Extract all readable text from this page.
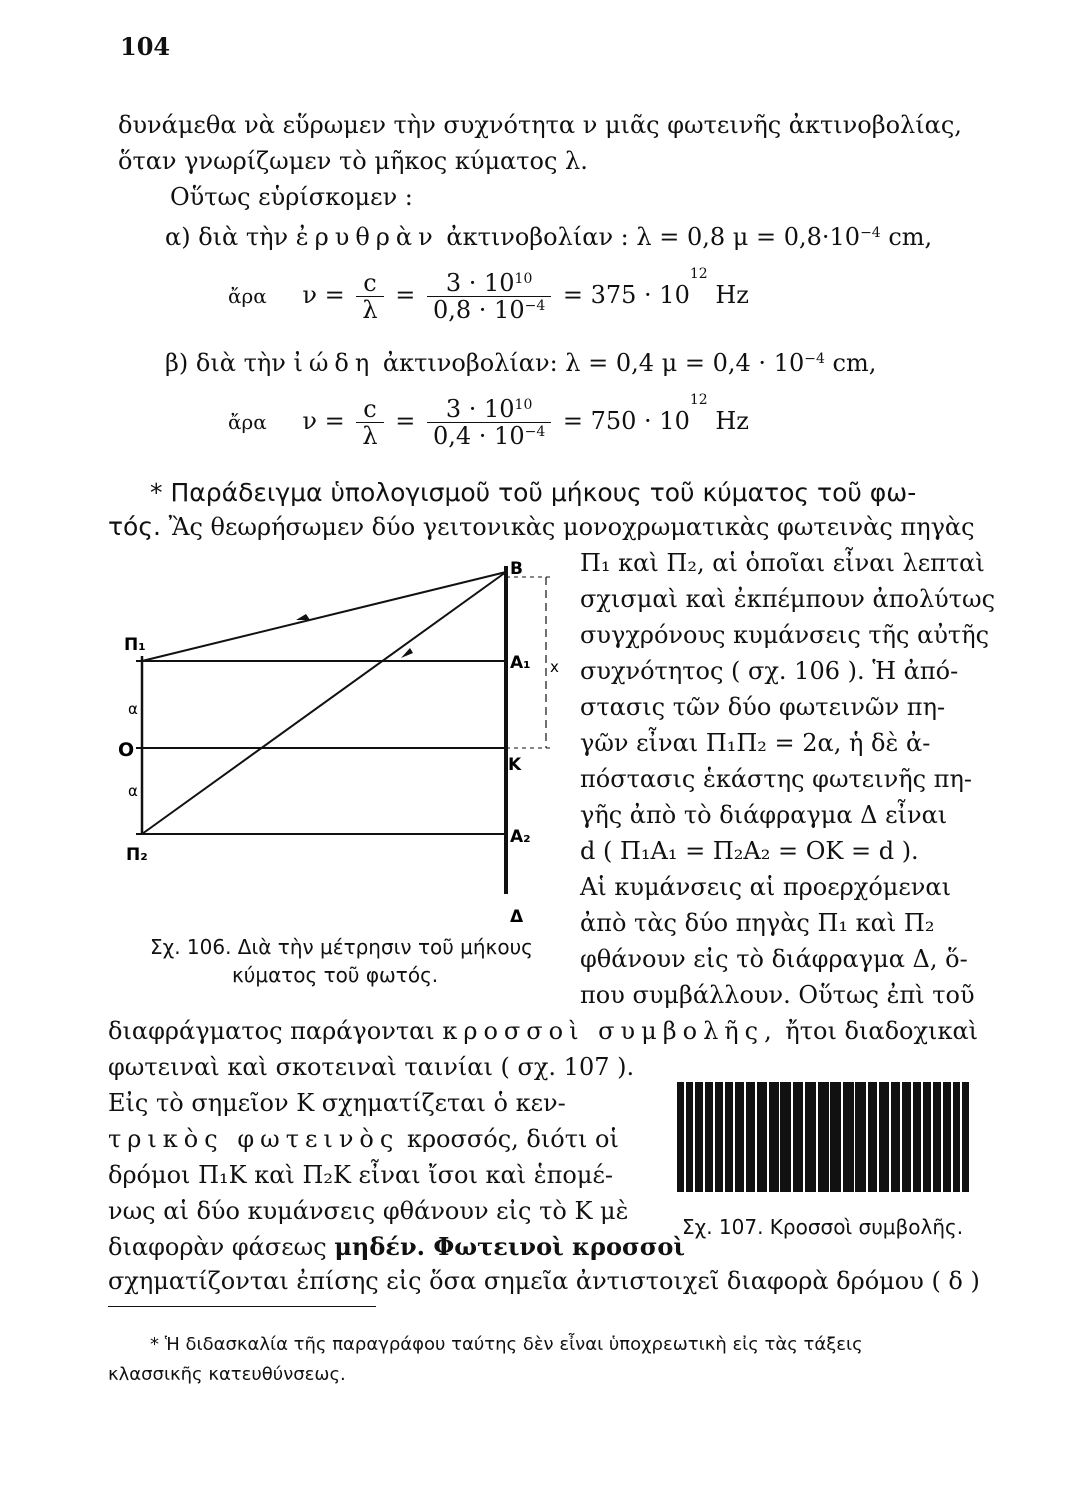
104
δυνάμεθα νὰ εὕρωμεν τὴν συχνότητα ν μιᾶς φωτεινῆς ἀκτινοβολίας,
ὅταν γνωρίζωμεν τὸ μῆκος κύματος λ.
Οὕτως εὑρίσκομεν :
α) διὰ τὴν ἐρυθρὰν ἀκτινοβολίαν : λ = 0,8 $\mu = 0,8\cdot 10^{-4}$ cm,
ἄρα $\nu = \frac{c}{\lambda} = \frac{3 \cdot 10^{10}}{0,8 \cdot 10^{-4}} = 375 \cdot 10^{12}$ Hz
β) διὰ τὴν ἰώδη ἀκτινοβολίαν: λ = 0,4 $\mu = 0,4 \cdot 10^{-4}$ cm,
ἄρα $\nu = \frac{c}{\lambda} = \frac{3 \cdot 10^{10}}{0,4 \cdot 10^{-4}} = 750 \cdot 10^{12}$ Hz
* Παράδειγμα ὑπολογισμοῦ τοῦ μήκους τοῦ κύματος τοῦ φω-
τός. Ἂς θεωρήσωμεν δύο γειτονικὰς μονοχρωματικὰς φωτεινὰς πηγὰς
B
Π₁
A₁ x
α
O
K
α
A₂
Π₂
Δ
Σχ. 106. Διὰ τὴν μέτρησιν τοῦ μήκους
κύματος τοῦ φωτός.
Π₁ καὶ Π₂, αἱ ὁποῖαι εἶναι λεπταὶ
σχισμαὶ καὶ ἐκπέμπουν ἀπολύτως
συγχρόνους κυμάνσεις τῆς αὐτῆς
συχνότητος ( σχ. 106 ). Ἡ ἀπό-
στασις τῶν δύο φωτεινῶν πη-
γῶν εἶναι Π₁Π₂ = 2α, ἡ δὲ ἀ-
πόστασις ἑκάστης φωτεινῆς πη-
γῆς ἀπὸ τὸ διάφραγμα Δ εἶναι
d ( Π₁Α₁ = Π₂Α₂ = ΟΚ = d ).
Αἱ κυμάνσεις αἱ προερχόμεναι
ἀπὸ τὰς δύο πηγὰς Π₁ καὶ Π₂
φθάνουν εἰς τὸ διάφραγμα Δ, ὅ-
που συμβάλλουν. Οὕτως ἐπὶ τοῦ
διαφράγματος παράγονται κροσσοὶ συμβολῆς, ἤτοι διαδοχικαὶ
φωτειναὶ καὶ σκοτειναὶ ταινίαι ( σχ. 107 ).
Εἰς τὸ σημεῖον Κ σχηματίζεται ὁ κεν-
τρικὸς φωτεινὸς κροσσός, διότι οἱ
δρόμοι Π₁Κ καὶ Π₂Κ εἶναι ἴσοι καὶ ἑπομέ-
νως αἱ δύο κυμάνσεις φθάνουν εἰς τὸ Κ μὲ
διαφορὰν φάσεως μηδέν. Φωτεινοὶ κροσσοὶ
Σχ. 107. Κροσσοὶ συμβολῆς.
σχηματίζονται ἐπίσης εἰς ὅσα σημεῖα ἀντιστοιχεῖ διαφορὰ δρόμου ( δ )
* Ἡ διδασκαλία τῆς παραγράφου ταύτης δὲν εἶναι ὑποχρεωτικὴ εἰς τὰς τάξεις
κλασσικῆς κατευθύνσεως.
